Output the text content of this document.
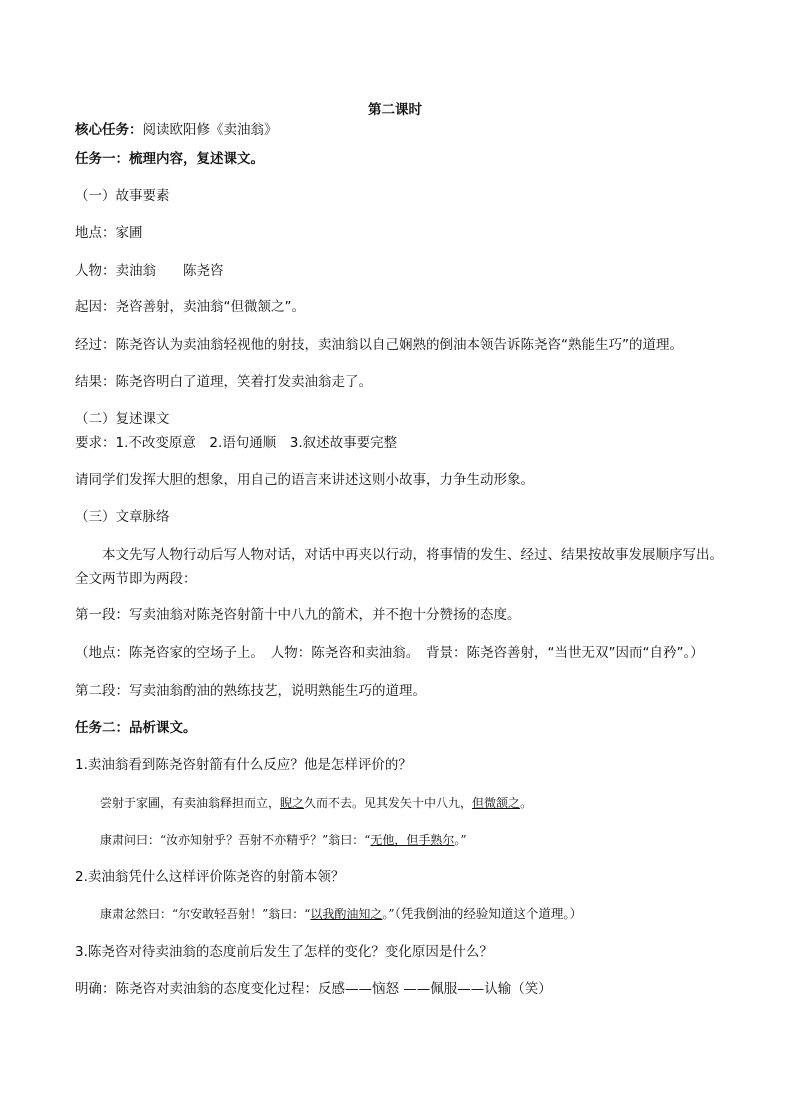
第二课时
核心任务：阅读欧阳修《卖油翁》
任务一：梳理内容，复述课文。
（一）故事要素
地点：家圃
人物：卖油翁　　陈尧咨
起因：尧咨善射，卖油翁“但微颔之”。
经过：陈尧咨认为卖油翁轻视他的射技，卖油翁以自己娴熟的倒油本领告诉陈尧咨“熟能生巧”的道理。
结果：陈尧咨明白了道理，笑着打发卖油翁走了。
（二）复述课文
要求：1.不改变原意　2.语句通顺　3.叙述故事要完整
请同学们发挥大胆的想象，用自己的语言来讲述这则小故事，力争生动形象。
（三）文章脉络
本文先写人物行动后写人物对话，对话中再夹以行动，将事情的发生、经过、结果按故事发展顺序写出。全文两节即为两段：
第一段：写卖油翁对陈尧咨射箭十中八九的箭术，并不抱十分赞扬的态度。
（地点：陈尧咨家的空场子上。　人物：陈尧咨和卖油翁。　背景：陈尧咨善射，“当世无双”因而“自矜”。）
第二段：写卖油翁酌油的熟练技艺，说明熟能生巧的道理。
任务二：品析课文。
1.卖油翁看到陈尧咨射箭有什么反应？他是怎样评价的？
尝射于家圃，有卖油翁释担而立，睨之久而不去。见其发矢十中八九，但微颔之。
康肃问曰：“汝亦知射乎？吾射不亦精乎？”翁曰：“无他，但手熟尔。”
2.卖油翁凭什么这样评价陈尧咨的射箭本领？
康肃忿然曰：“尔安敢轻吾射！”翁曰：“以我酌油知之。”（凭我倒油的经验知道这个道理。）
3.陈尧咨对待卖油翁的态度前后发生了怎样的变化？变化原因是什么？
明确：陈尧咨对卖油翁的态度变化过程：反感——恼怒 ——佩服——认输（笑）
